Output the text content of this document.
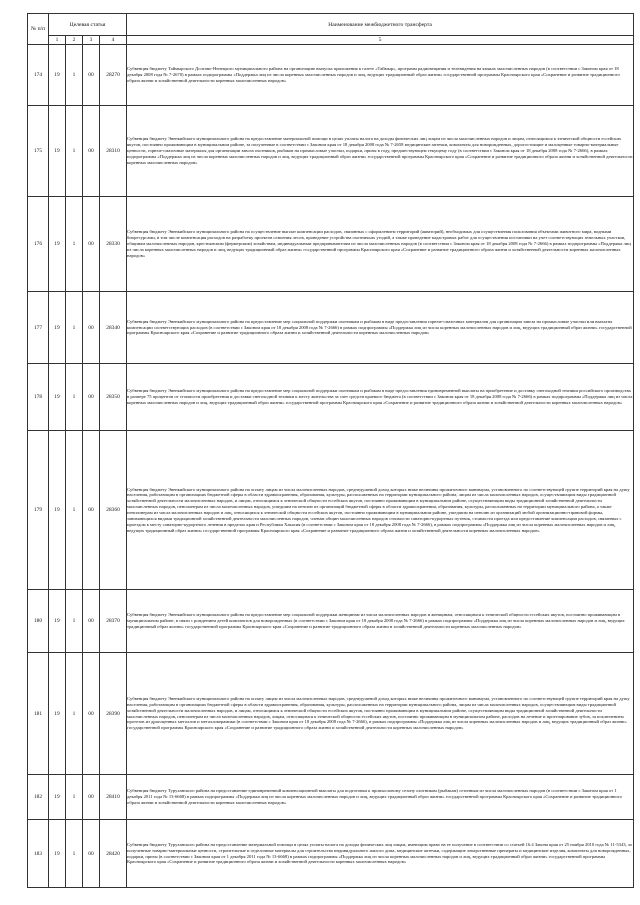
№ п/п	Целевая статья				Наименование межбюджетного трансферта
	1	2	3	4	5
174	19	1	00	28270	Субвенция бюджету Таймырского Долгано-Ненецкого муниципального района на организацию выпуска приложения к газете «Таймыр», программ радиовещания и телевидения на языках малочисленных народов (в соответствии с Законом края от 18 декабря 2008 года № 7-2670) в рамках подпрограммы «Поддержка лиц из числа коренных малочисленных народов и лиц, ведущих традиционный образ жизни» государственной программы Красноярского края «Сохранение и развитие традиционного образа жизни и хозяйственной деятельности коренных малочисленных народов»

175	19	1	00	28310	Субвенция бюджету Эвенкийского муниципального района на предоставление материальной помощи в целях уплаты налога на доходы физических лиц лицам из числа малочисленных народов и лицам, относящимся к этнической общности ессейских якутов, постоянно проживающим в муниципальном районе, за полученные в соответствии с Законом края от 18 декабря 2008 года № 7-2658 медицинские аптечки, комплекты для новорожденных, дорогостоящие и малоценные товарно-материальные ценности, горюче-смазочные материалы для организации завоза охотников, рыбаков на промысловые участки, подарки, призы в году, предшествующем текущему году (в соответствии с Законом края от 18 декабря 2008 года № 7-2666), в рамках подпрограммы «Поддержка лиц из числа коренных малочисленных народов и лиц, ведущих традиционный образ жизни» государственной программы Красноярского края «Сохранение и развитие традиционного образа жизни и хозяйственной деятельности коренных малочисленных народов»

176	19	1	00	28330	Субвенция бюджету Эвенкийского муниципального района на осуществление выплат компенсации расходов, связанных с оформлением территорий (акваторий), необходимых для осуществления пользования объектами животного мира, водными биоресурсами, в том числе компенсация расходов на разработку проектов освоения лесов, проведение устройства охотничьих угодий, а также проведение кадастровых работ для осуществления постановки на учет соответствующих земельных участков, общинам малочисленных народов, крестьянским (фермерским) хозяйствам, индивидуальным предпринимателям из числа малочисленных народов (в соответствии с Законом края от 18 декабря 2008 года № 7-2666) в рамках подпрограммы «Поддержка лиц из числа коренных малочисленных народов и лиц, ведущих традиционный образ жизни» государственной программы Красноярского края «Сохранение и развитие традиционного образа жизни и хозяйственной деятельности коренных малочисленных народов»

177	19	1	00	28340	Субвенция бюджету Эвенкийского муниципального района на предоставление мер социальной поддержки охотникам и рыбакам в виде предоставления горюче-смазочных материалов для организации завоза на промысловые участки или выплаты компенсации соответствующих расходов (в соответствии с Законом края от 18 декабря 2008 года № 7-2666) в рамках подпрограммы «Поддержка лиц из числа коренных малочисленных народов и лиц, ведущих традиционный образ жизни» государственной программы Красноярского края «Сохранение и развитие традиционного образа жизни и хозяйственной деятельности коренных малочисленных народов»

178	19	1	00	28350	Субвенция бюджету Эвенкийского муниципального района на предоставление мер социальной поддержки охотникам и рыбакам в виде предоставления единовременной выплаты на приобретение и доставку снегоходной техники российского производства в размере 75 процентов от стоимости приобретения и доставки снегоходной техники к месту жительства за счет средств краевого бюджета (в соответствии с Законом края от 18 декабря 2008 года № 7-2666) в рамках подпрограммы «Поддержка лиц из числа коренных малочисленных народов и лиц, ведущих традиционный образ жизни» государственной программы Красноярского края «Сохранение и развитие традиционного образа жизни и хозяйственной деятельности коренных малочисленных народов»

179	19	1	00	28360	Субвенция бюджету Эвенкийского муниципального района на оплату лицам из числа малочисленных народов, среднедушевой доход которых ниже величины прожиточного минимума, установленного по соответствующей группе территорий края на душу населения, работающим в организациях бюджетной сферы в области здравоохранения, образования, культуры, расположенных на территории муниципального района, лицам из числа малочисленных народов, осуществляющим виды традиционной хозяйственной деятельности малочисленных народов, и лицам, относящимся к этнической общности ессейских якутов, постоянно проживающим в муниципальном районе, осуществляющим виды традиционной хозяйственной деятельности малочисленных народов, пенсионерам из числа малочисленных народов, ушедшим на пенсию из организаций бюджетной сферы в области здравоохранения, образования, культуры, расположенных на территории муниципального района, а также пенсионерам из числа малочисленных народов и лиц, относящихся к этнической общности ессейских якутов, постоянно проживающим в муниципальном районе, ушедшим на пенсию из организаций любой организационно-правовой формы, занимающихся видами традиционной хозяйственной деятельности малочисленных народов, членам общин малочисленных народов стоимости санаторно-курортных путевок, стоимости проезда или предоставление компенсации расходов, связанных с проездом к месту санаторно-курортного лечения в пределах края и Республики Хакасия (в соответствии с Законом края от 18 декабря 2008 года № 7-2666), в рамках подпрограммы «Поддержка лиц из числа коренных малочисленных народов и лиц, ведущих традиционный образ жизни» государственной программы Красноярского края «Сохранение и развитие традиционного образа жизни и хозяйственной деятельности коренных малочисленных народов»

180	19	1	00	28370	Субвенция бюджету Эвенкийского муниципального района на предоставление мер социальной поддержки женщинам из числа малочисленных народов и женщинам, относящимся к этнической общности ессейских якутов, постоянно проживающим в муниципальном районе, в связи с рождением детей комплектов для новорожденных (в соответствии с Законом края от 18 декабря 2008 года № 7-2666) в рамках подпрограммы «Поддержка лиц из числа коренных малочисленных народов и лиц, ведущих традиционный образ жизни» государственной программы Красноярского края «Сохранение и развитие традиционного образа жизни и хозяйственной деятельности коренных малочисленных народов»

181	19	1	00	28390	Субвенция бюджету Эвенкийского муниципального района на оплату лицам из числа малочисленных народов, среднедушевой доход которых ниже величины прожиточного минимума, установленного по соответствующей группе территорий края на душу населения, работающим в организациях бюджетной сферы в области здравоохранения, образования, культуры, расположенных на территории муниципального района, лицам из числа малочисленных народов, осуществляющим виды традиционной хозяйственной деятельности малочисленных народов, и лицам, относящимся к этнической общности ессейских якутов, постоянно проживающим в муниципальном районе, осуществляющим виды традиционной хозяйственной деятельности малочисленных народов, пенсионерам из числа малочисленных народов, лицам, относящимся к этнической общности ессейских якутов, постоянно проживающим в муниципальном районе, расходов на лечение и протезирование зубов, за исключением протезов из драгоценных металлов и металлокерамики (в соответствии с Законом края от 18 декабря 2008 года № 7-2666), в рамках подпрограммы «Поддержка лиц из числа коренных малочисленных народов и лиц, ведущих традиционный образ жизни» государственной программы Красноярского края «Сохранение и развитие традиционного образа жизни и хозяйственной деятельности коренных малочисленных народов»

182	19	1	00	28410	Субвенция бюджету Туруханского района на предоставление единовременной компенсационной выплаты для подготовки к промысловому сезону охотникам (рыбакам) сезонным из числа малочисленных народов (в соответствии с Законом края от 1 декабря 2011 года № 13-6668) в рамках подпрограммы «Поддержка лиц из числа коренных малочисленных народов и лиц, ведущих традиционный образ жизни» государственной программы Красноярского края «Сохранение и развитие традиционного образа жизни и хозяйственной деятельности коренных малочисленных народов»

183	19	1	00	28420	Субвенция бюджету Туруханского района на предоставление материальной помощи в целях уплаты налога на доходы физических лиц лицам, имеющим право на ее получение в соответствии со статьей 16.4 Закона края от 25 ноября 2010 года № 11-5343, за полученные товарно-материальные ценности, строительные и отделочные материалы для строительства индивидуального жилого дома, медицинские аптечки, содержащие лекарственные препараты и медицинские изделия, комплекты для новорожденных, подарки, призы (в соответствии с Законом края от 1 декабря 2011 года № 13-6668) в рамках подпрограммы «Поддержка лиц из числа коренных малочисленных народов и лиц, ведущих традиционный образ жизни» государственной программы Красноярского края «Сохранение и развитие традиционного образа жизни и хозяйственной деятельности коренных малочисленных народов»
